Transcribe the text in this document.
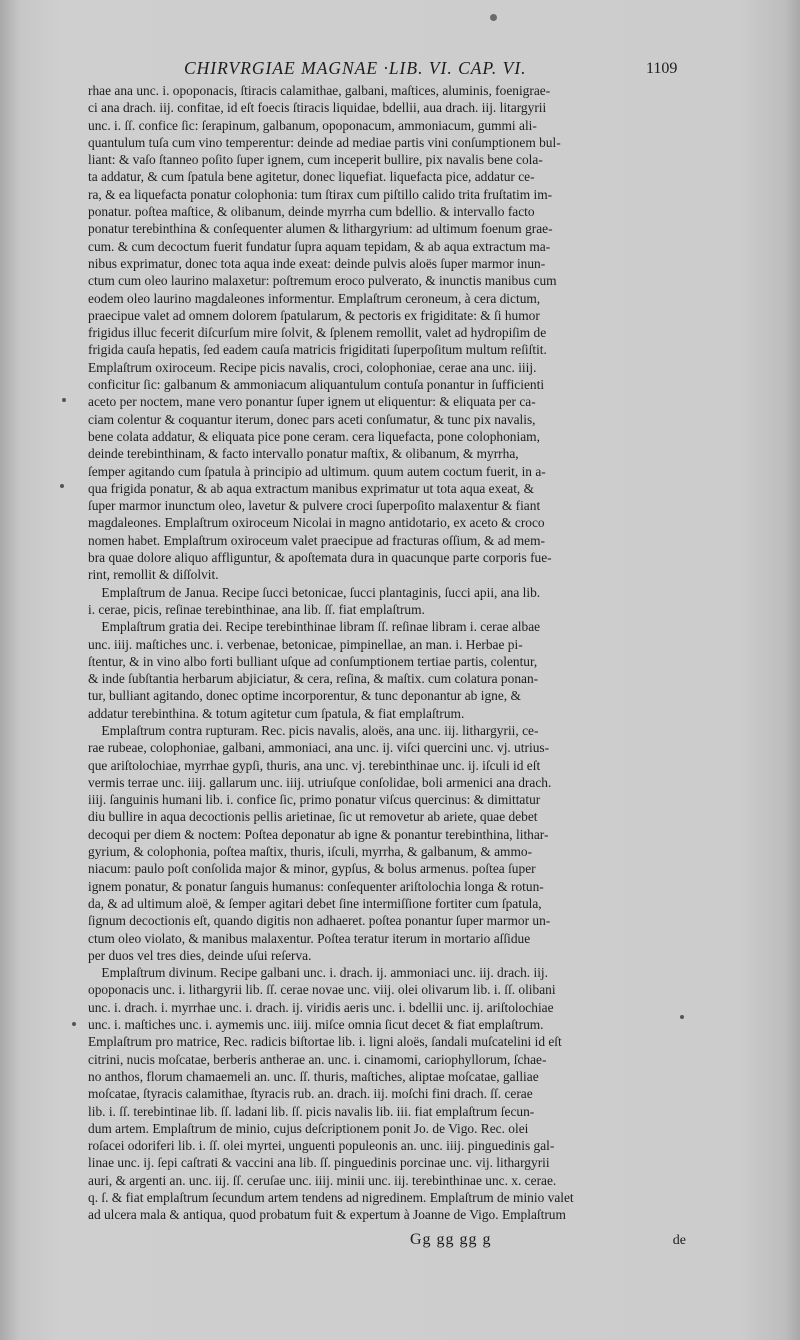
CHIRVRGIAE MAGNAE ·LIB. VI. CAP. VI.	1109
rhae ana unc. i. opoponacis, ſtiracis calamithae, galbani, maſtices, aluminis, foenigrae-
ci ana drach. iij. confitae, id eſt foecis ſtiracis liquidae, bdellii, aua drach. iij. litargyrii
unc. i. ſſ. confice ſic: ſerapinum, galbanum, opoponacum, ammoniacum, gummi ali-
quantulum tuſa cum vino temperentur: deinde ad mediae partis vini conſumptionem bul-
liant: & vaſo ſtanneo poſito ſuper ignem, cum inceperit bullire, pix navalis bene cola-
ta addatur, & cum ſpatula bene agitetur, donec liquefiat. liquefacta pice, addatur ce-
ra, & ea liquefacta ponatur colophonia: tum ſtirax cum piſtillo calido trita fruſtatim im-
ponatur. poſtea maſtice, & olibanum, deinde myrrha cum bdellio. & intervallo facto
ponatur terebinthina & conſequenter alumen & lithargyrium: ad ultimum foenum grae-
cum. & cum decoctum fuerit fundatur ſupra aquam tepidam, & ab aqua extractum ma-
nibus exprimatur, donec tota aqua inde exeat: deinde pulvis aloës ſuper marmor inun-
ctum cum oleo laurino malaxetur: poſtremum eroco pulverato, & inunctis manibus cum
eodem oleo laurino magdaleones informentur. Emplaſtrum ceroneum, à cera dictum,
praecipue valet ad omnem dolorem ſpatularum, & pectoris ex frigiditate: & ſi humor
frigidus illuc fecerit diſcurſum mire ſolvit, & ſplenem remollit, valet ad hydropiſim de
frigida cauſa hepatis, ſed eadem cauſa matricis frigiditati ſuperpoſitum multum reſiſtit.
Emplaſtrum oxiroceum. Recipe picis navalis, croci, colophoniae, cerae ana unc. iiij.
conficitur ſic: galbanum & ammoniacum aliquantulum contuſa ponantur in ſufficienti
aceto per noctem, mane vero ponantur ſuper ignem ut eliquentur: & eliquata per ca-
ciam colentur & coquantur iterum, donec pars aceti conſumatur, & tunc pix navalis,
bene colata addatur, & eliquata pice pone ceram. cera liquefacta, pone colophoniam,
deinde terebinthinam, & facto intervallo ponatur maſtix, & olibanum, & myrrha,
ſemper agitando cum ſpatula à principio ad ultimum. quum autem coctum fuerit, in a-
qua frigida ponatur, & ab aqua extractum manibus exprimatur ut tota aqua exeat, &
ſuper marmor inunctum oleo, lavetur & pulvere croci ſuperpoſito malaxentur & fiant
magdaleones. Emplaſtrum oxiroceum Nicolai in magno antidotario, ex aceto & croco
nomen habet. Emplaſtrum oxiroceum valet praecipue ad fracturas oſſium, & ad mem-
bra quae dolore aliquo affliguntur, & apoſtemata dura in quacunque parte corporis fue-
rint, remollit & diſſolvit.
Emplaſtrum de Janua. Recipe ſucci betonicae, ſucci plantaginis, ſucci apii, ana lib.
i. cerae, picis, reſinae terebinthinae, ana lib. ſſ. fiat emplaſtrum.
Emplaſtrum gratia dei. Recipe terebinthinae libram ſſ. reſinae libram i. cerae albae
unc. iiij. maſtiches unc. i. verbenae, betonicae, pimpinellae, an man. i. Herbae pi-
ſtentur, & in vino albo forti bulliant uſque ad conſumptionem tertiae partis, colentur,
& inde ſubſtantia herbarum abjiciatur, & cera, reſina, & maſtix. cum colatura ponan-
tur, bulliant agitando, donec optime incorporentur, & tunc deponantur ab igne, &
addatur terebinthina. & totum agitetur cum ſpatula, & fiat emplaſtrum.
Emplaſtrum contra rupturam. Rec. picis navalis, aloës, ana unc. iij. lithargyrii, ce-
rae rubeae, colophoniae, galbani, ammoniaci, ana unc. ij. viſci quercini unc. vj. utrius-
que ariſtolochiae, myrrhae gypſi, thuris, ana unc. vj. terebinthinae unc. ij. iſculi id eſt
vermis terrae unc. iiij. gallarum unc. iiij. utriuſque conſolidae, boli armenici ana drach.
iiij. ſanguinis humani lib. i. confice ſic, primo ponatur viſcus quercinus: & dimittatur
diu bullire in aqua decoctionis pellis arietinae, ſic ut removetur ab ariete, quae debet
decoqui per diem & noctem: Poſtea deponatur ab igne & ponantur terebinthina, lithar-
gyrium, & colophonia, poſtea maſtix, thuris, iſculi, myrrha, & galbanum, & ammo-
niacum: paulo poſt conſolida major & minor, gypſus, & bolus armenus. poſtea ſuper
ignem ponatur, & ponatur ſanguis humanus: conſequenter ariſtolochia longa & rotun-
da, & ad ultimum aloë, & ſemper agitari debet ſine intermiſſione fortiter cum ſpatula,
ſignum decoctionis eſt, quando digitis non adhaeret. poſtea ponantur ſuper marmor un-
ctum oleo violato, & manibus malaxentur. Poſtea teratur iterum in mortario aſſidue
per duos vel tres dies, deinde uſui reſerva.
Emplaſtrum divinum. Recipe galbani unc. i. drach. ij. ammoniaci unc. iij. drach. iij.
opoponacis unc. i. lithargyrii lib. ſſ. cerae novae unc. viij. olei olivarum lib. i. ſſ. olibani
unc. i. drach. i. myrrhae unc. i. drach. ij. viridis aeris unc. i. bdellii unc. ij. ariſtolochiae
unc. i. maſtiches unc. i. aymemis unc. iiij. miſce omnia ſicut decet & fiat emplaſtrum.
Emplaſtrum pro matrice, Rec. radicis biſtortae lib. i. ligni aloës, ſandali muſcatelini id eſt
citrini, nucis moſcatae, berberis antherae an. unc. i. cinamomi, cariophyllorum, ſchae-
no anthos, florum chamaemeli an. unc. ſſ. thuris, maſtiches, aliptae moſcatae, galliae
moſcatae, ſtyracis calamithae, ſtyracis rub. an. drach. iij. moſchi fini drach. ſſ. cerae
lib. i. ſſ. terebintinae lib. ſſ. ladani lib. ſſ. picis navalis lib. iii. fiat emplaſtrum ſecun-
dum artem. Emplaſtrum de minio, cujus deſcriptionem ponit Jo. de Vigo. Rec. olei
roſacei odoriferi lib. i. ſſ. olei myrtei, unguenti populeonis an. unc. iiij. pinguedinis gal-
linae unc. ij. ſepi caſtrati & vaccini ana lib. ſſ. pinguedinis porcinae unc. vij. lithargyrii
auri, & argenti an. unc. iij. ſſ. ceruſae unc. iiij. minii unc. iij. terebinthinae unc. x. cerae.
q. ſ. & fiat emplaſtrum ſecundum artem tendens ad nigredinem. Emplaſtrum de minio valet
ad ulcera mala & antiqua, quod probatum fuit & expertum à Joanne de Vigo. Emplaſtrum
Gg gg gg g	de
